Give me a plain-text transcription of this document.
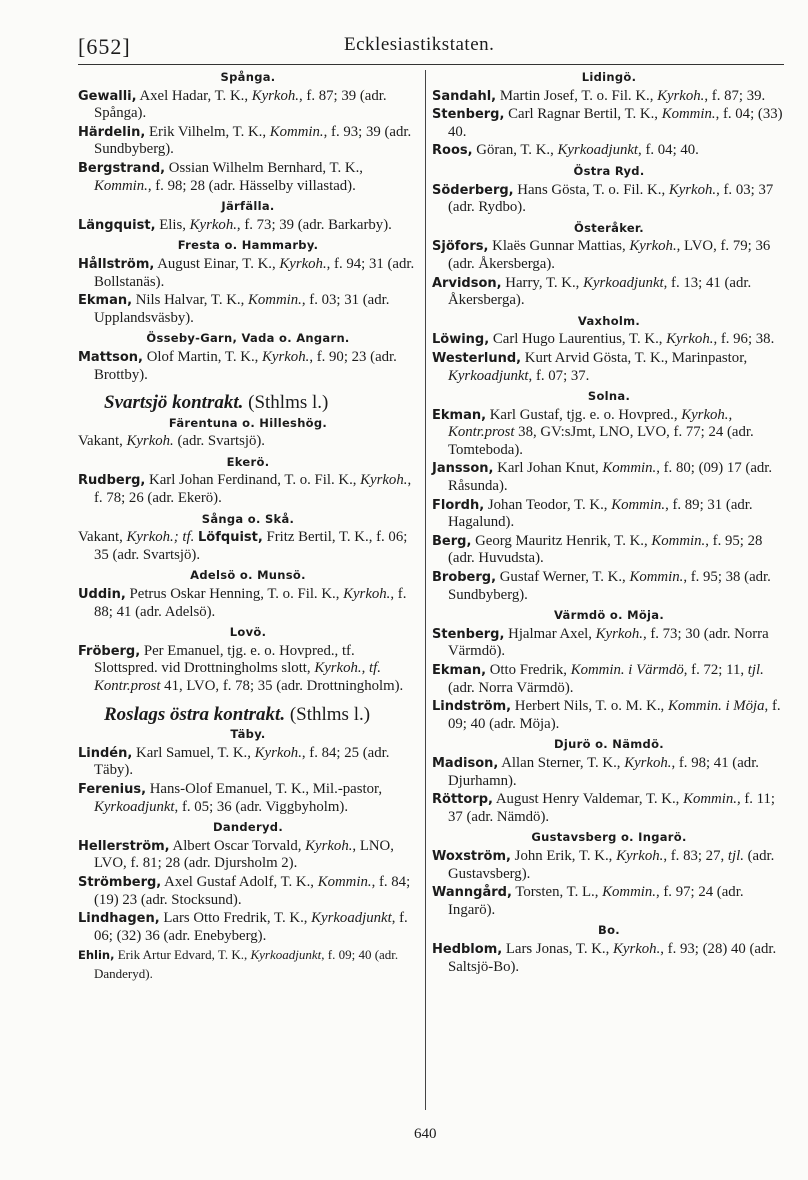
[652]	Ecklesiastikstaten.
Spånga.
Gewalli, Axel Hadar, T. K., Kyrkoh., f. 87; 39 (adr. Spånga).
Härdelin, Erik Vilhelm, T. K., Kommin., f. 93; 39 (adr. Sundbyberg).
Bergstrand, Ossian Wilhelm Bernhard, T. K., Kommin., f. 98; 28 (adr. Hässelby villastad).
Järfälla.
Längquist, Elis, Kyrkoh., f. 73; 39 (adr. Barkarby).
Fresta o. Hammarby.
Hållström, August Einar, T. K., Kyrkoh., f. 94; 31 (adr. Bollstanäs).
Ekman, Nils Halvar, T. K., Kommin., f. 03; 31 (adr. Upplandsväsby).
Össeby-Garn, Vada o. Angarn.
Mattson, Olof Martin, T. K., Kyrkoh., f. 90; 23 (adr. Brottby).
Svartsjö kontrakt. (Sthlms l.)
Färentuna o. Hilleshög.
Vakant, Kyrkoh. (adr. Svartsjö).
Ekerö.
Rudberg, Karl Johan Ferdinand, T. o. Fil. K., Kyrkoh., f. 78; 26 (adr. Ekerö).
Sånga o. Skå.
Vakant, Kyrkoh.; tf. Löfquist, Fritz Bertil, T. K., f. 06; 35 (adr. Svartsjö).
Adelsö o. Munsö.
Uddin, Petrus Oskar Henning, T. o. Fil. K., Kyrkoh., f. 88; 41 (adr. Adelsö).
Lovö.
Fröberg, Per Emanuel, tjg. e. o. Hovpred., tf. Slottspred. vid Drottningholms slott, Kyrkoh., tf. Kontr.prost 41, LVO, f. 78; 35 (adr. Drottningholm).
Roslags östra kontrakt. (Sthlms l.)
Täby.
Lindén, Karl Samuel, T. K., Kyrkoh., f. 84; 25 (adr. Täby).
Ferenius, Hans-Olof Emanuel, T. K., Mil.-pastor, Kyrkoadjunkt, f. 05; 36 (adr. Viggbyholm).
Danderyd.
Hellerström, Albert Oscar Torvald, Kyrkoh., LNO, LVO, f. 81; 28 (adr. Djursholm 2).
Strömberg, Axel Gustaf Adolf, T. K., Kommin., f. 84; (19) 23 (adr. Stocksund).
Lindhagen, Lars Otto Fredrik, T. K., Kyrkoadjunkt, f. 06; (32) 36 (adr. Enebyberg).
Ehlin, Erik Artur Edvard, T. K., Kyrkoadjunkt, f. 09; 40 (adr. Danderyd).
Lidingö.
Sandahl, Martin Josef, T. o. Fil. K., Kyrkoh., f. 87; 39.
Stenberg, Carl Ragnar Bertil, T. K., Kommin., f. 04; (33) 40.
Roos, Göran, T. K., Kyrkoadjunkt, f. 04; 40.
Östra Ryd.
Söderberg, Hans Gösta, T. o. Fil. K., Kyrkoh., f. 03; 37 (adr. Rydbo).
Österåker.
Sjöfors, Klaës Gunnar Mattias, Kyrkoh., LVO, f. 79; 36 (adr. Åkersberga).
Arvidson, Harry, T. K., Kyrkoadjunkt, f. 13; 41 (adr. Åkersberga).
Vaxholm.
Löwing, Carl Hugo Laurentius, T. K., Kyrkoh., f. 96; 38.
Westerlund, Kurt Arvid Gösta, T. K., Marinpastor, Kyrkoadjunkt, f. 07; 37.
Solna.
Ekman, Karl Gustaf, tjg. e. o. Hovpred., Kyrkoh., Kontr.prost 38, GV:sJmt, LNO, LVO, f. 77; 24 (adr. Tomteboda).
Jansson, Karl Johan Knut, Kommin., f. 80; (09) 17 (adr. Råsunda).
Flordh, Johan Teodor, T. K., Kommin., f. 89; 31 (adr. Hagalund).
Berg, Georg Mauritz Henrik, T. K., Kommin., f. 95; 28 (adr. Huvudsta).
Broberg, Gustaf Werner, T. K., Kommin., f. 95; 38 (adr. Sundbyberg).
Värmdö o. Möja.
Stenberg, Hjalmar Axel, Kyrkoh., f. 73; 30 (adr. Norra Värmdö).
Ekman, Otto Fredrik, Kommin. i Värmdö, f. 72; 11, tjl. (adr. Norra Värmdö).
Lindström, Herbert Nils, T. o. M. K., Kommin. i Möja, f. 09; 40 (adr. Möja).
Djurö o. Nämdö.
Madison, Allan Sterner, T. K., Kyrkoh., f. 98; 41 (adr. Djurhamn).
Röttorp, August Henry Valdemar, T. K., Kommin., f. 11; 37 (adr. Nämdö).
Gustavsberg o. Ingarö.
Woxström, John Erik, T. K., Kyrkoh., f. 83; 27, tjl. (adr. Gustavsberg).
Wanngård, Torsten, T. L., Kommin., f. 97; 24 (adr. Ingarö).
Bo.
Hedblom, Lars Jonas, T. K., Kyrkoh., f. 93; (28) 40 (adr. Saltsjö-Bo).
640
